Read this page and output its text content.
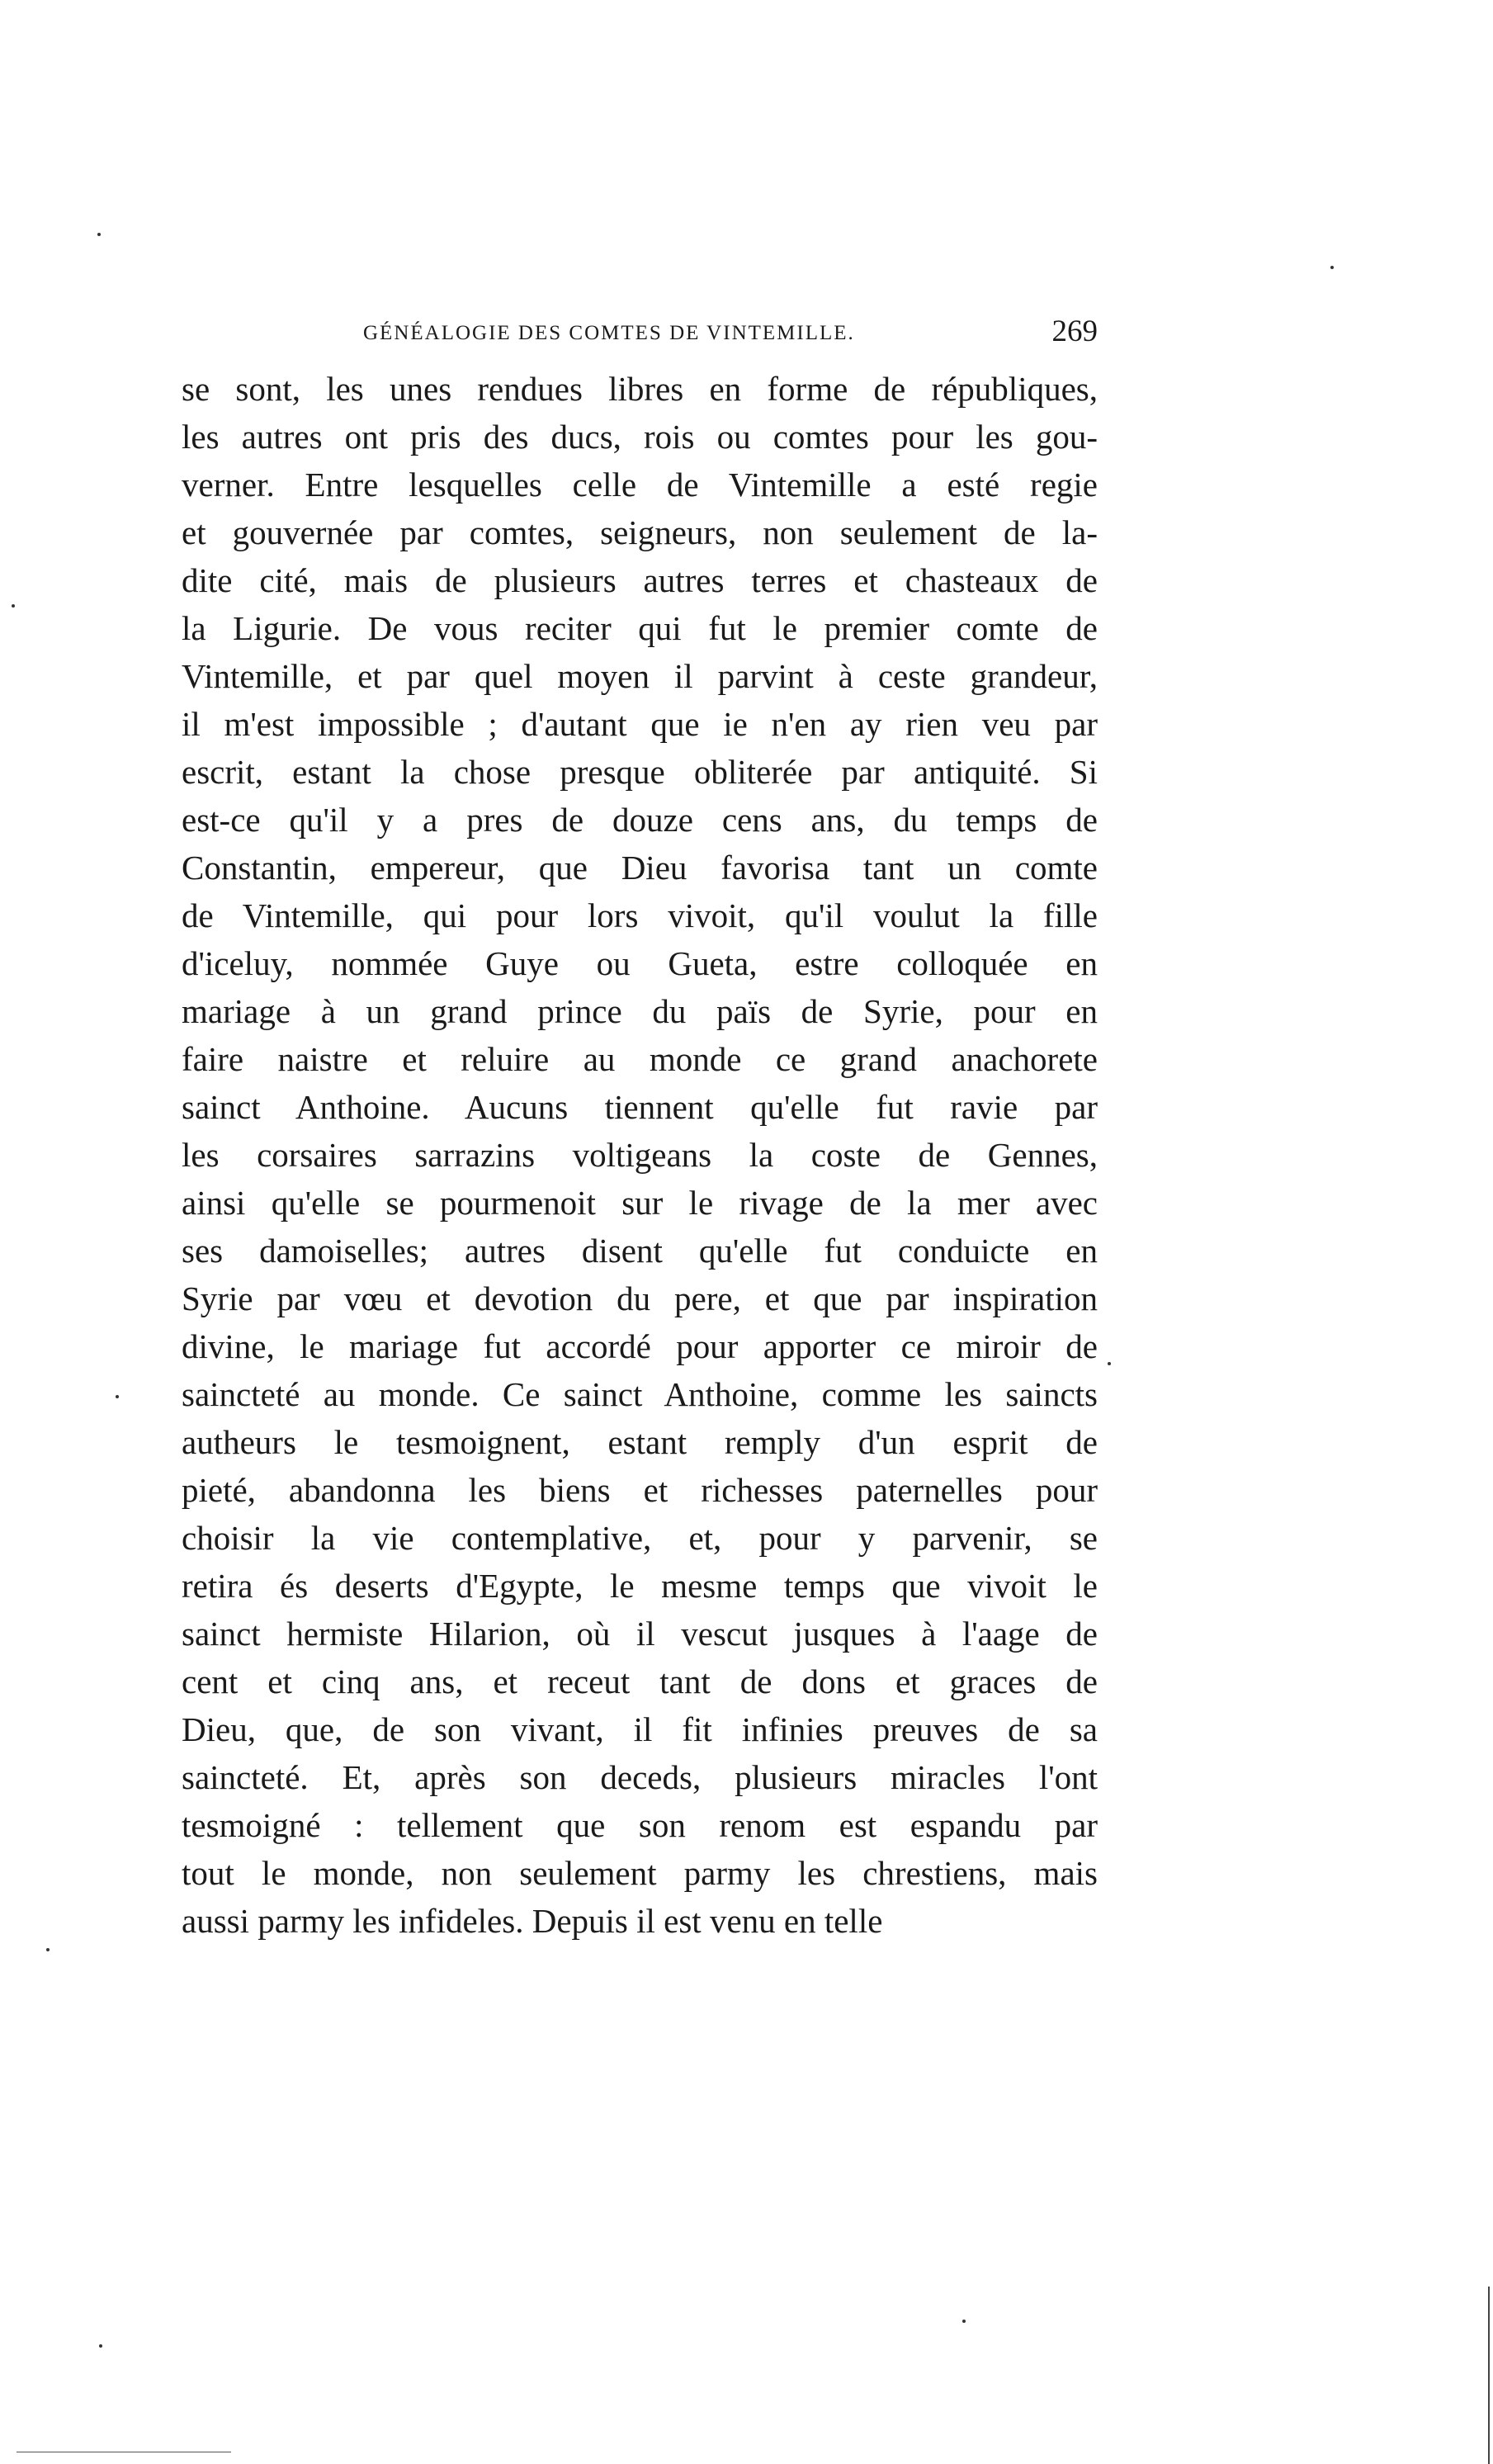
GÉNÉALOGIE DES COMTES DE VINTEMILLE.	269
se sont, les unes rendues libres en forme de républiques,
les autres ont pris des ducs, rois ou comtes pour les gou-
verner. Entre lesquelles celle de Vintemille a esté regie
et gouvernée par comtes, seigneurs, non seulement de la-
dite cité, mais de plusieurs autres terres et chasteaux de
la Ligurie. De vous reciter qui fut le premier comte de
Vintemille, et par quel moyen il parvint à ceste grandeur,
il m'est impossible ; d'autant que ie n'en ay rien veu par
escrit, estant la chose presque obliterée par antiquité. Si
est-ce qu'il y a pres de douze cens ans, du temps de
Constantin, empereur, que Dieu favorisa tant un comte
de Vintemille, qui pour lors vivoit, qu'il voulut la fille
d'iceluy, nommée Guye ou Gueta, estre colloquée en
mariage à un grand prince du païs de Syrie, pour en
faire naistre et reluire au monde ce grand anachorete
sainct Anthoine. Aucuns tiennent qu'elle fut ravie par
les corsaires sarrazins voltigeans la coste de Gennes,
ainsi qu'elle se pourmenoit sur le rivage de la mer avec
ses damoiselles; autres disent qu'elle fut conduicte en
Syrie par vœu et devotion du pere, et que par inspiration
divine, le mariage fut accordé pour apporter ce miroir de
sainctеté au monde. Ce sainct Anthoine, comme les saincts
autheurs le tesmoignent, estant remply d'un esprit de
pieté, abandonna les biens et richesses paternelles pour
choisir la vie contemplative, et, pour y parvenir, se
retira és deserts d'Egypte, le mesme temps que vivoit le
sainct hermiste Hilarion, où il vescut jusques à l'aage de
cent et cinq ans, et receut tant de dons et graces de
Dieu, que, de son vivant, il fit infinies preuves de sa
sainctеté. Et, après son deceds, plusieurs miracles l'ont
tesmoigné : tellement que son renom est espandu par
tout le monde, non seulement parmy les chrestiens, mais
aussi parmy les infideles. Depuis il est venu en telle
